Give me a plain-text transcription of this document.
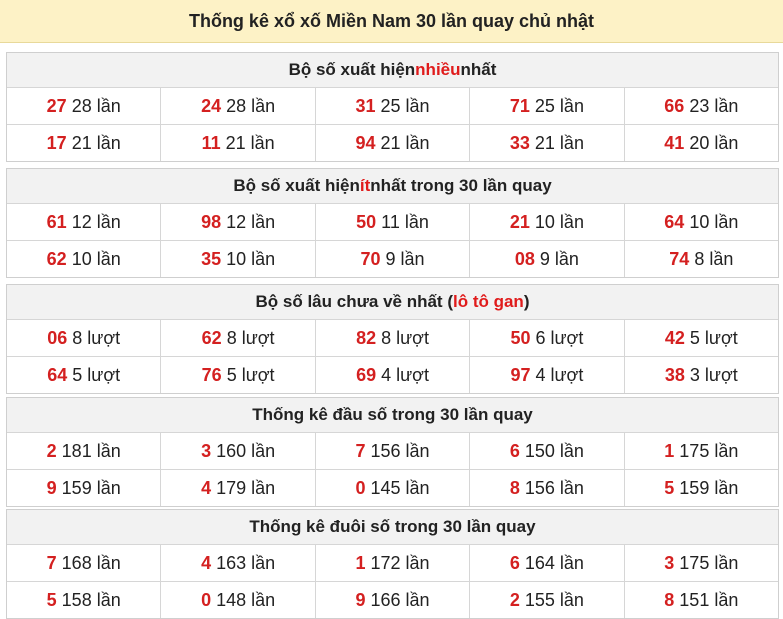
Thống kê xổ xố Miền Nam 30 lần quay chủ nhật
Bộ số xuất hiện nhiều nhất
27 28 lần	24 28 lần	31 25 lần	71 25 lần	66 23 lần
17 21 lần	11 21 lần	94 21 lần	33 21 lần	41 20 lần
Bộ số xuất hiện ít nhất trong 30 lần quay
61 12 lần	98 12 lần	50 11 lần	21 10 lần	64 10 lần
62 10 lần	35 10 lần	70 9 lần	08 9 lần	74 8 lần
Bộ số lâu chưa về nhất ( lô tô gan )
06 8 lượt	62 8 lượt	82 8 lượt	50 6 lượt	42 5 lượt
64 5 lượt	76 5 lượt	69 4 lượt	97 4 lượt	38 3 lượt
Thống kê đầu số trong 30 lần quay
2 181 lần	3 160 lần	7 156 lần	6 150 lần	1 175 lần
9 159 lần	4 179 lần	0 145 lần	8 156 lần	5 159 lần
Thống kê đuôi số trong 30 lần quay
7 168 lần	4 163 lần	1 172 lần	6 164 lần	3 175 lần
5 158 lần	0 148 lần	9 166 lần	2 155 lần	8 151 lần
